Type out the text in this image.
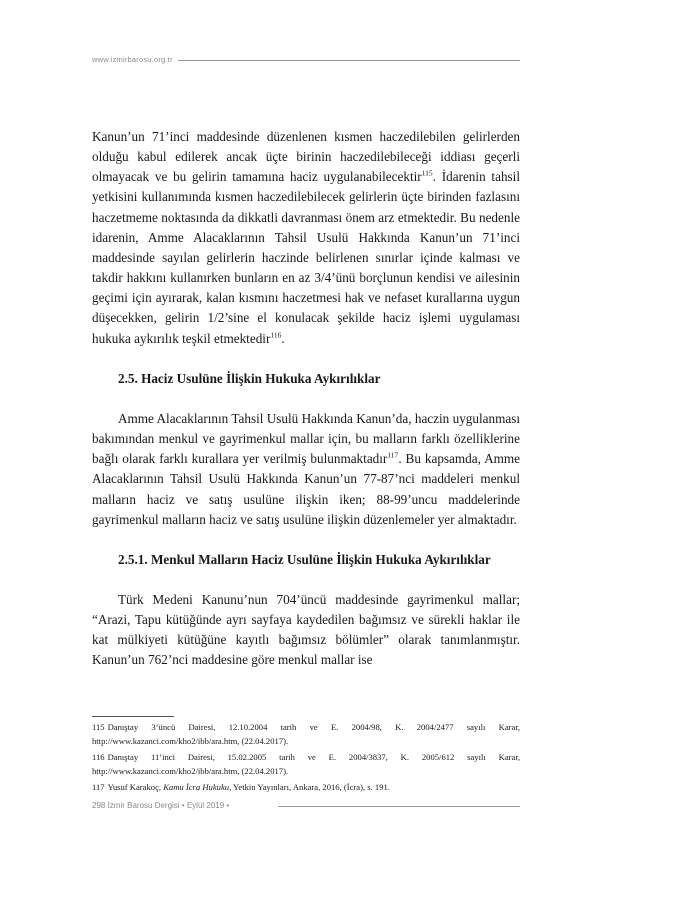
www.izmirbarosu.org.tr

Kanun’un 71’inci maddesinde düzenlenen kısmen haczedilebilen gelirlerden olduğu kabul edilerek ancak üçte birinin haczedilebileceği iddiası geçerli olmayacak ve bu gelirin tamamına haciz uygulanabilecektir$^{115}$. İdarenin tahsil yetkisini kullanımında kısmen haczedilebilecek gelirlerin üçte birinden fazlasını haczetmeme noktasında da dikkatli davranması önem arz etmektedir. Bu nedenle idarenin, Amme Alacaklarının Tahsil Usulü Hakkında Kanun’un 71’inci maddesinde sayılan gelirlerin haczinde belirlenen sınırlar içinde kalması ve takdir hakkını kullanırken bunların en az 3/4’ünü borçlunun kendisi ve ailesinin geçimi için ayırarak, kalan kısmını haczetmesi hak ve nefaset kurallarına uygun düşecekken, gelirin 1/2’sine el konulacak şekilde haciz işlemi uygulaması hukuka aykırılık teşkil etmektedir$^{116}$.

2.5. Haciz Usulüne İlişkin Hukuka Aykırılıklar

Amme Alacaklarının Tahsil Usulü Hakkında Kanun’da, haczin uygulanması bakımından menkul ve gayrimenkul mallar için, bu malların farklı özelliklerine bağlı olarak farklı kurallara yer verilmiş bulunmaktadır$^{117}$. Bu kapsamda, Amme Alacaklarının Tahsil Usulü Hakkında Kanun’un 77-87’nci maddeleri menkul malların haciz ve satış usulüne ilişkin iken; 88-99’uncu maddelerinde gayrimenkul malların haciz ve satış usulüne ilişkin düzenlemeler yer almaktadır.

2.5.1. Menkul Malların Haciz Usulüne İlişkin Hukuka Aykırılıklar

Türk Medeni Kanunu’nun 704’üncü maddesinde gayrimenkul mallar; “Arazi, Tapu kütüğünde ayrı sayfaya kaydedilen bağımsız ve sürekli haklar ile kat mülkiyeti kütüğüne kayıtlı bağımsız bölümler” olarak tanımlanmıştır. Kanun’un 762’nci maddesine göre menkul mallar ise

115 Danıştay 3’üncü Dairesi, 12.10.2004 tarih ve E. 2004/98, K. 2004/2477 sayılı Karar, http://www.kazanci.com/kho2/ibb/ara.htm, (22.04.2017).

116 Danıştay 11’inci Dairesi, 15.02.2005 tarih ve E. 2004/3837, K. 2005/612 sayılı Karar, http://www.kazanci.com/kho2/ibb/ara.htm, (22.04.2017).

117 Yusuf Karakoç, Kamu İcra Hukuku, Yetkin Yayınları, Ankara, 2016, (İcra), s. 191.

298 İzmir Barosu Dergisi • Eylül 2019 •
